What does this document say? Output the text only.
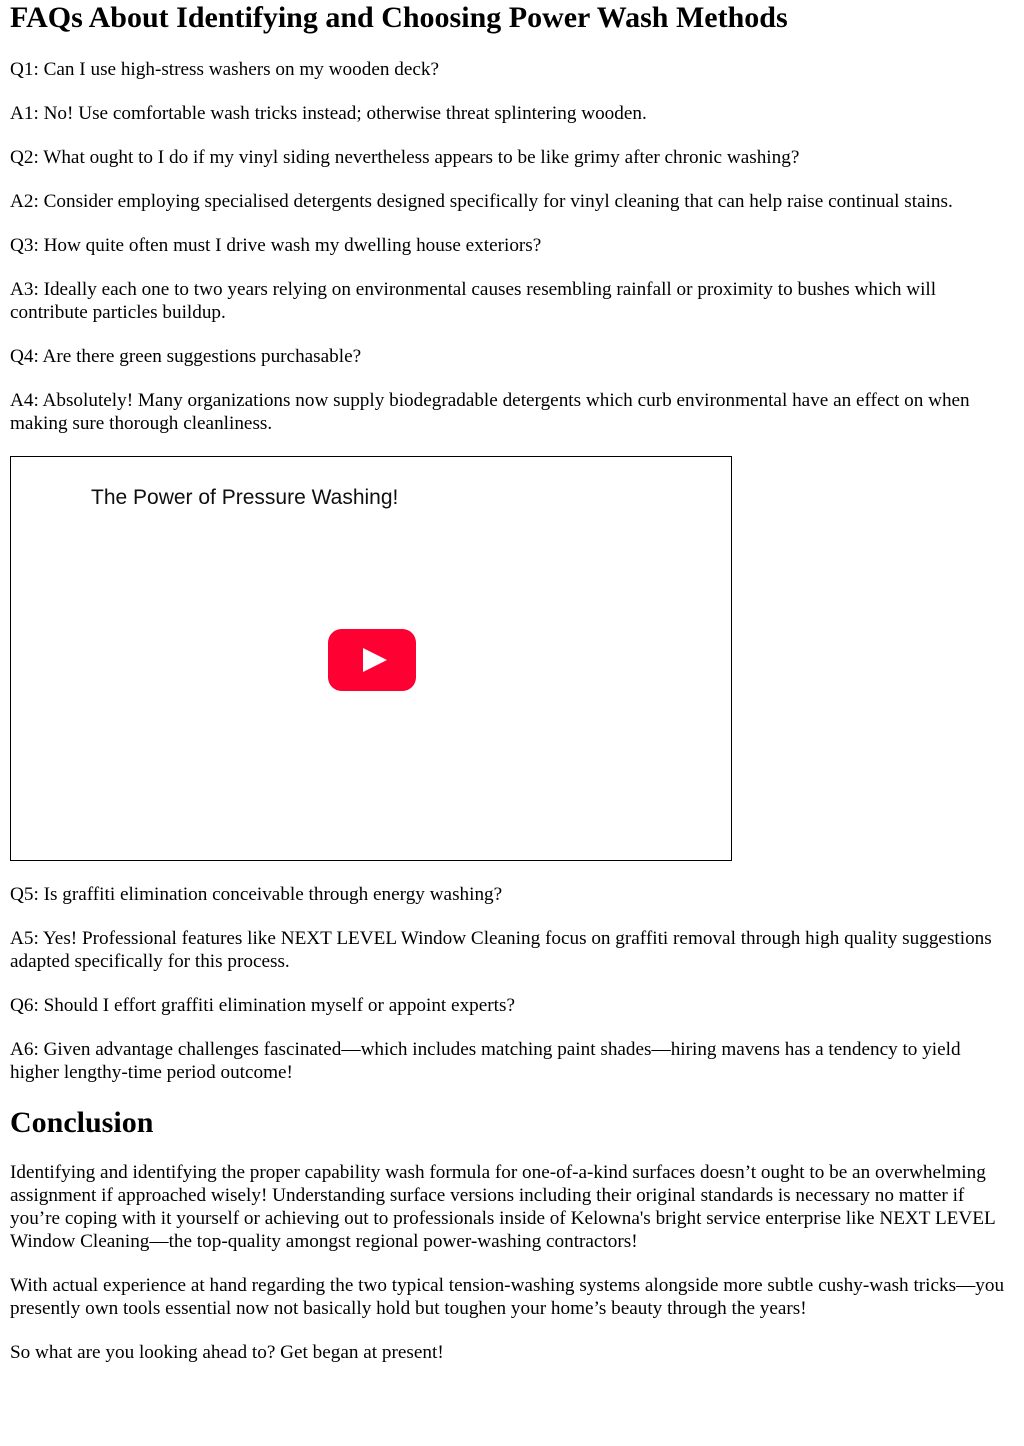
FAQs About Identifying and Choosing Power Wash Methods

Q1: Can I use high-stress washers on my wooden deck?

A1: No! Use comfortable wash tricks instead; otherwise threat splintering wooden.

Q2: What ought to I do if my vinyl siding nevertheless appears to be like grimy after chronic washing?

A2: Consider employing specialised detergents designed specifically for vinyl cleaning that can help raise continual stains.

Q3: How quite often must I drive wash my dwelling house exteriors?

A3: Ideally each one to two years relying on environmental causes resembling rainfall or proximity to bushes which will contribute particles buildup.

Q4: Are there green suggestions purchasable?

A4: Absolutely! Many organizations now supply biodegradable detergents which curb environmental have an effect on when making sure thorough cleanliness.

The Power of Pressure Washing!

Q5: Is graffiti elimination conceivable through energy washing?

A5: Yes! Professional features like NEXT LEVEL Window Cleaning focus on graffiti removal through high quality suggestions adapted specifically for this process.

Q6: Should I effort graffiti elimination myself or appoint experts?

A6: Given advantage challenges fascinated—which includes matching paint shades—hiring mavens has a tendency to yield higher lengthy-time period outcome!

Conclusion

Identifying and identifying the proper capability wash formula for one-of-a-kind surfaces doesn’t ought to be an overwhelming assignment if approached wisely! Understanding surface versions including their original standards is necessary no matter if you’re coping with it yourself or achieving out to professionals inside of Kelowna's bright service enterprise like NEXT LEVEL Window Cleaning—the top-quality amongst regional power-washing contractors!

With actual experience at hand regarding the two typical tension-washing systems alongside more subtle cushy-wash tricks—you presently own tools essential now not basically hold but toughen your home’s beauty through the years!

So what are you looking ahead to? Get began at present!
